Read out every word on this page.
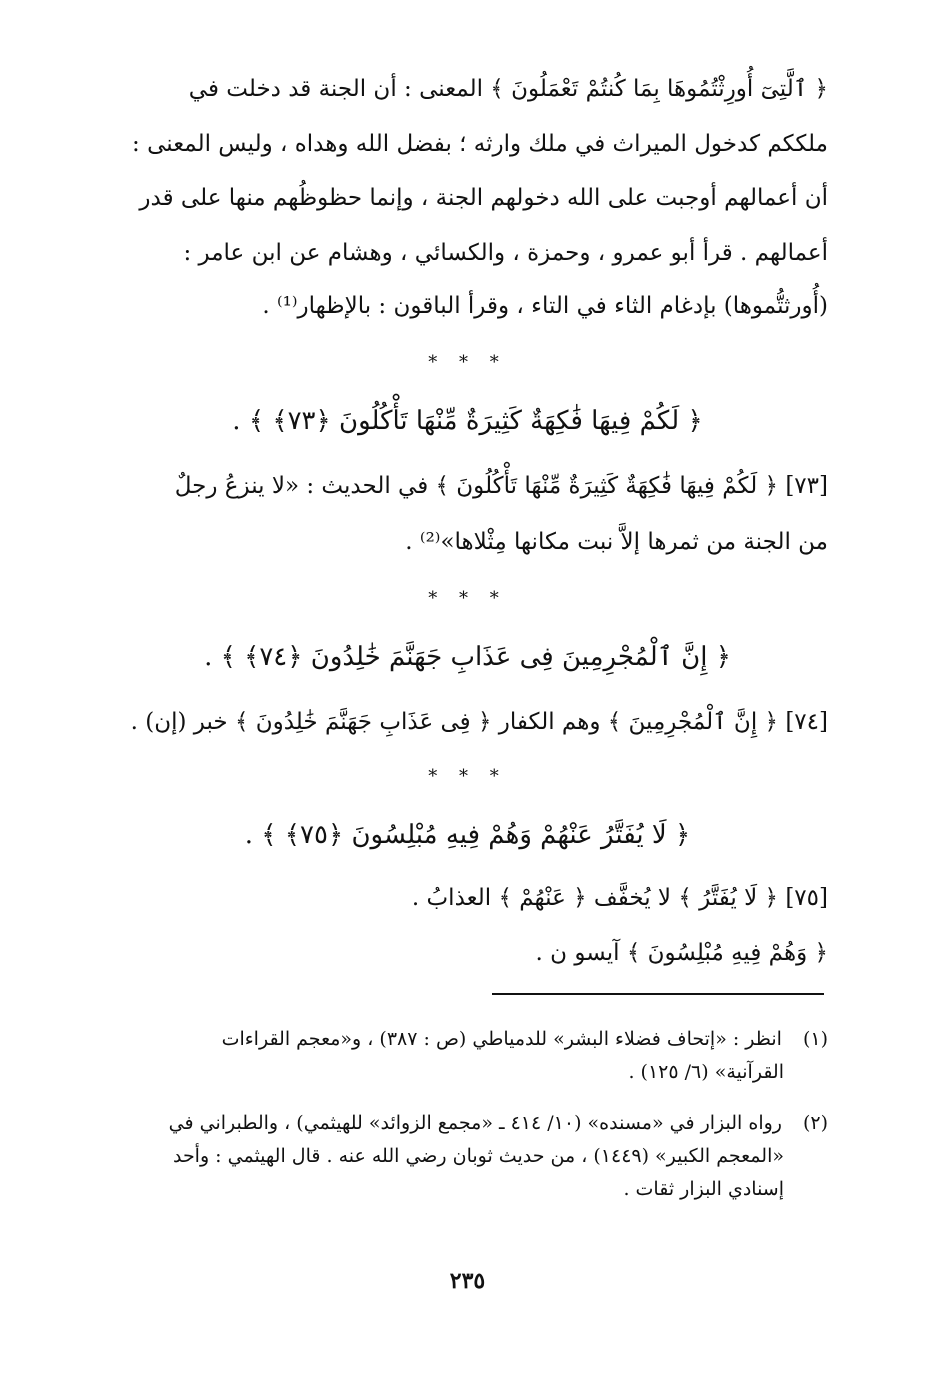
﴿ ٱلَّتِىٓ أُورِثْتُمُوهَا بِمَا كُنتُمْ تَعْمَلُونَ ﴾ المعنى : أن الجنة قد دخلت في
ملككم كدخول الميراث في ملك وارثه ؛ بفضل الله وهداه ، وليس المعنى :
أن أعمالهم أوجبت على الله دخولهم الجنة ، وإنما حظوظُهم منها على قدر
أعمالهم . قرأ أبو عمرو ، وحمزة ، والكسائي ، وهشام عن ابن عامر :
(أُورثتُّموها) بإدغام الثاء في التاء ، وقرأ الباقون : بالإظهار⁽¹⁾ .
* * *
﴿ لَكُمْ فِيهَا فَٰكِهَةٌ كَثِيرَةٌ مِّنْهَا تَأْكُلُونَ ﴿٧٣﴾ ﴾ .
[٧٣] ﴿ لَكُمْ فِيهَا فَٰكِهَةٌ كَثِيرَةٌ مِّنْهَا تَأْكُلُونَ ﴾ في الحديث : «لا ينزعُ رجلٌ
من الجنة من ثمرها إلاَّ نبت مكانها مِثْلاها»⁽²⁾ .
* * *
﴿ إِنَّ ٱلْمُجْرِمِينَ فِى عَذَابِ جَهَنَّمَ خَٰلِدُونَ ﴿٧٤﴾ ﴾ .
[٧٤] ﴿ إِنَّ ٱلْمُجْرِمِينَ ﴾ وهم الكفار ﴿ فِى عَذَابِ جَهَنَّمَ خَٰلِدُونَ ﴾ خبر (إن) .
* * *
﴿ لَا يُفَتَّرُ عَنْهُمْ وَهُمْ فِيهِ مُبْلِسُونَ ﴿٧٥﴾ ﴾ .
[٧٥] ﴿ لَا يُفَتَّرُ ﴾ لا يُخفَّف ﴿ عَنْهُمْ ﴾ العذابُ .
﴿ وَهُمْ فِيهِ مُبْلِسُونَ ﴾ آيسو ن .
(١) انظر : «إتحاف فضلاء البشر» للدمياطي (ص : ٣٨٧) ، و«معجم القراءات
القرآنية» (٦/ ١٢٥) .
(٢) رواه البزار في «مسنده» (١٠/ ٤١٤ ـ «مجمع الزوائد» للهيثمي) ، والطبراني في
«المعجم الكبير» (١٤٤٩) ، من حديث ثوبان رضي الله عنه . قال الهيثمي : وأحد
إسنادي البزار ثقات .
٢٣٥
